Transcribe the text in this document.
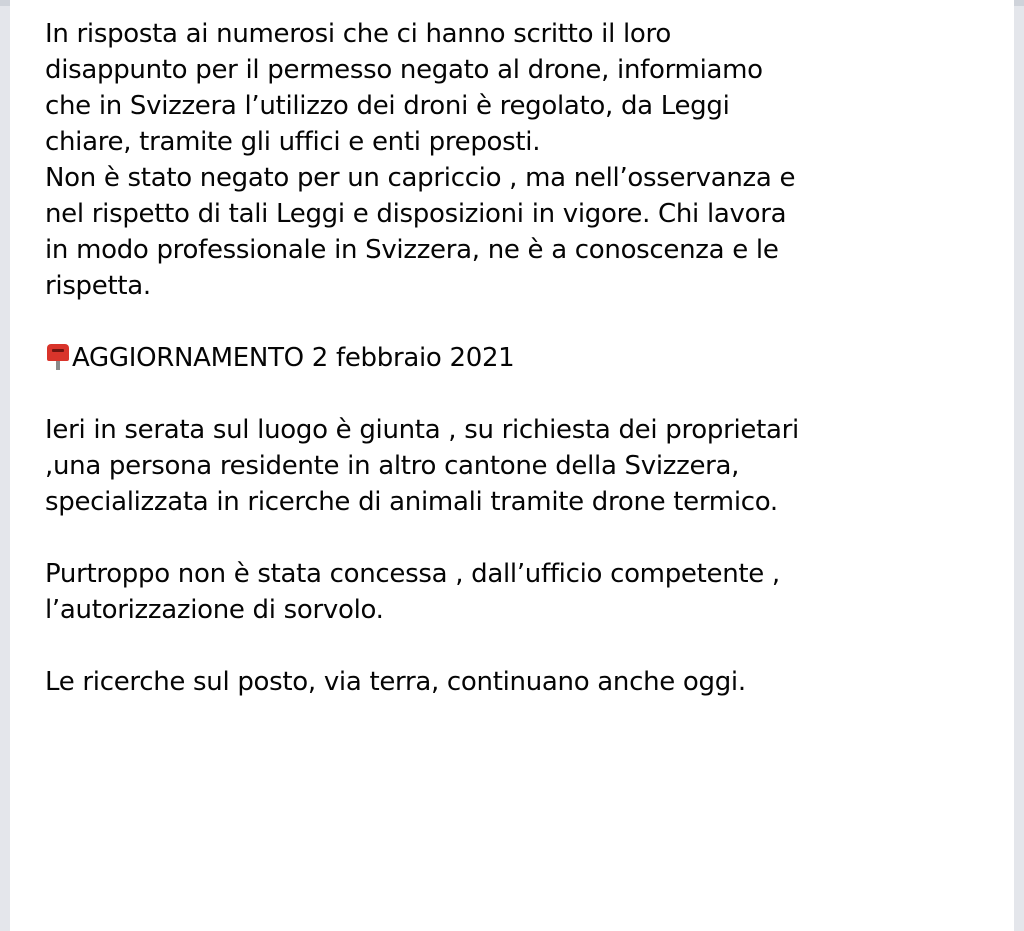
In risposta ai numerosi che ci hanno scritto il loro
disappunto per il permesso negato al drone, informiamo
che in Svizzera l’utilizzo dei droni è regolato, da Leggi
chiare, tramite gli uffici e enti preposti.
Non è stato negato per un capriccio , ma nell’osservanza e
nel rispetto di tali Leggi e disposizioni in vigore. Chi lavora
in modo professionale in Svizzera, ne è a conoscenza e le
rispetta.
AGGIORNAMENTO 2 febbraio 2021
Ieri in serata sul luogo è giunta , su richiesta dei proprietari
,una persona residente in altro cantone della Svizzera,
specializzata in ricerche di animali tramite drone termico.
Purtroppo non è stata concessa , dall’ufficio competente ,
l’autorizzazione di sorvolo.
Le ricerche sul posto, via terra, continuano anche oggi.
